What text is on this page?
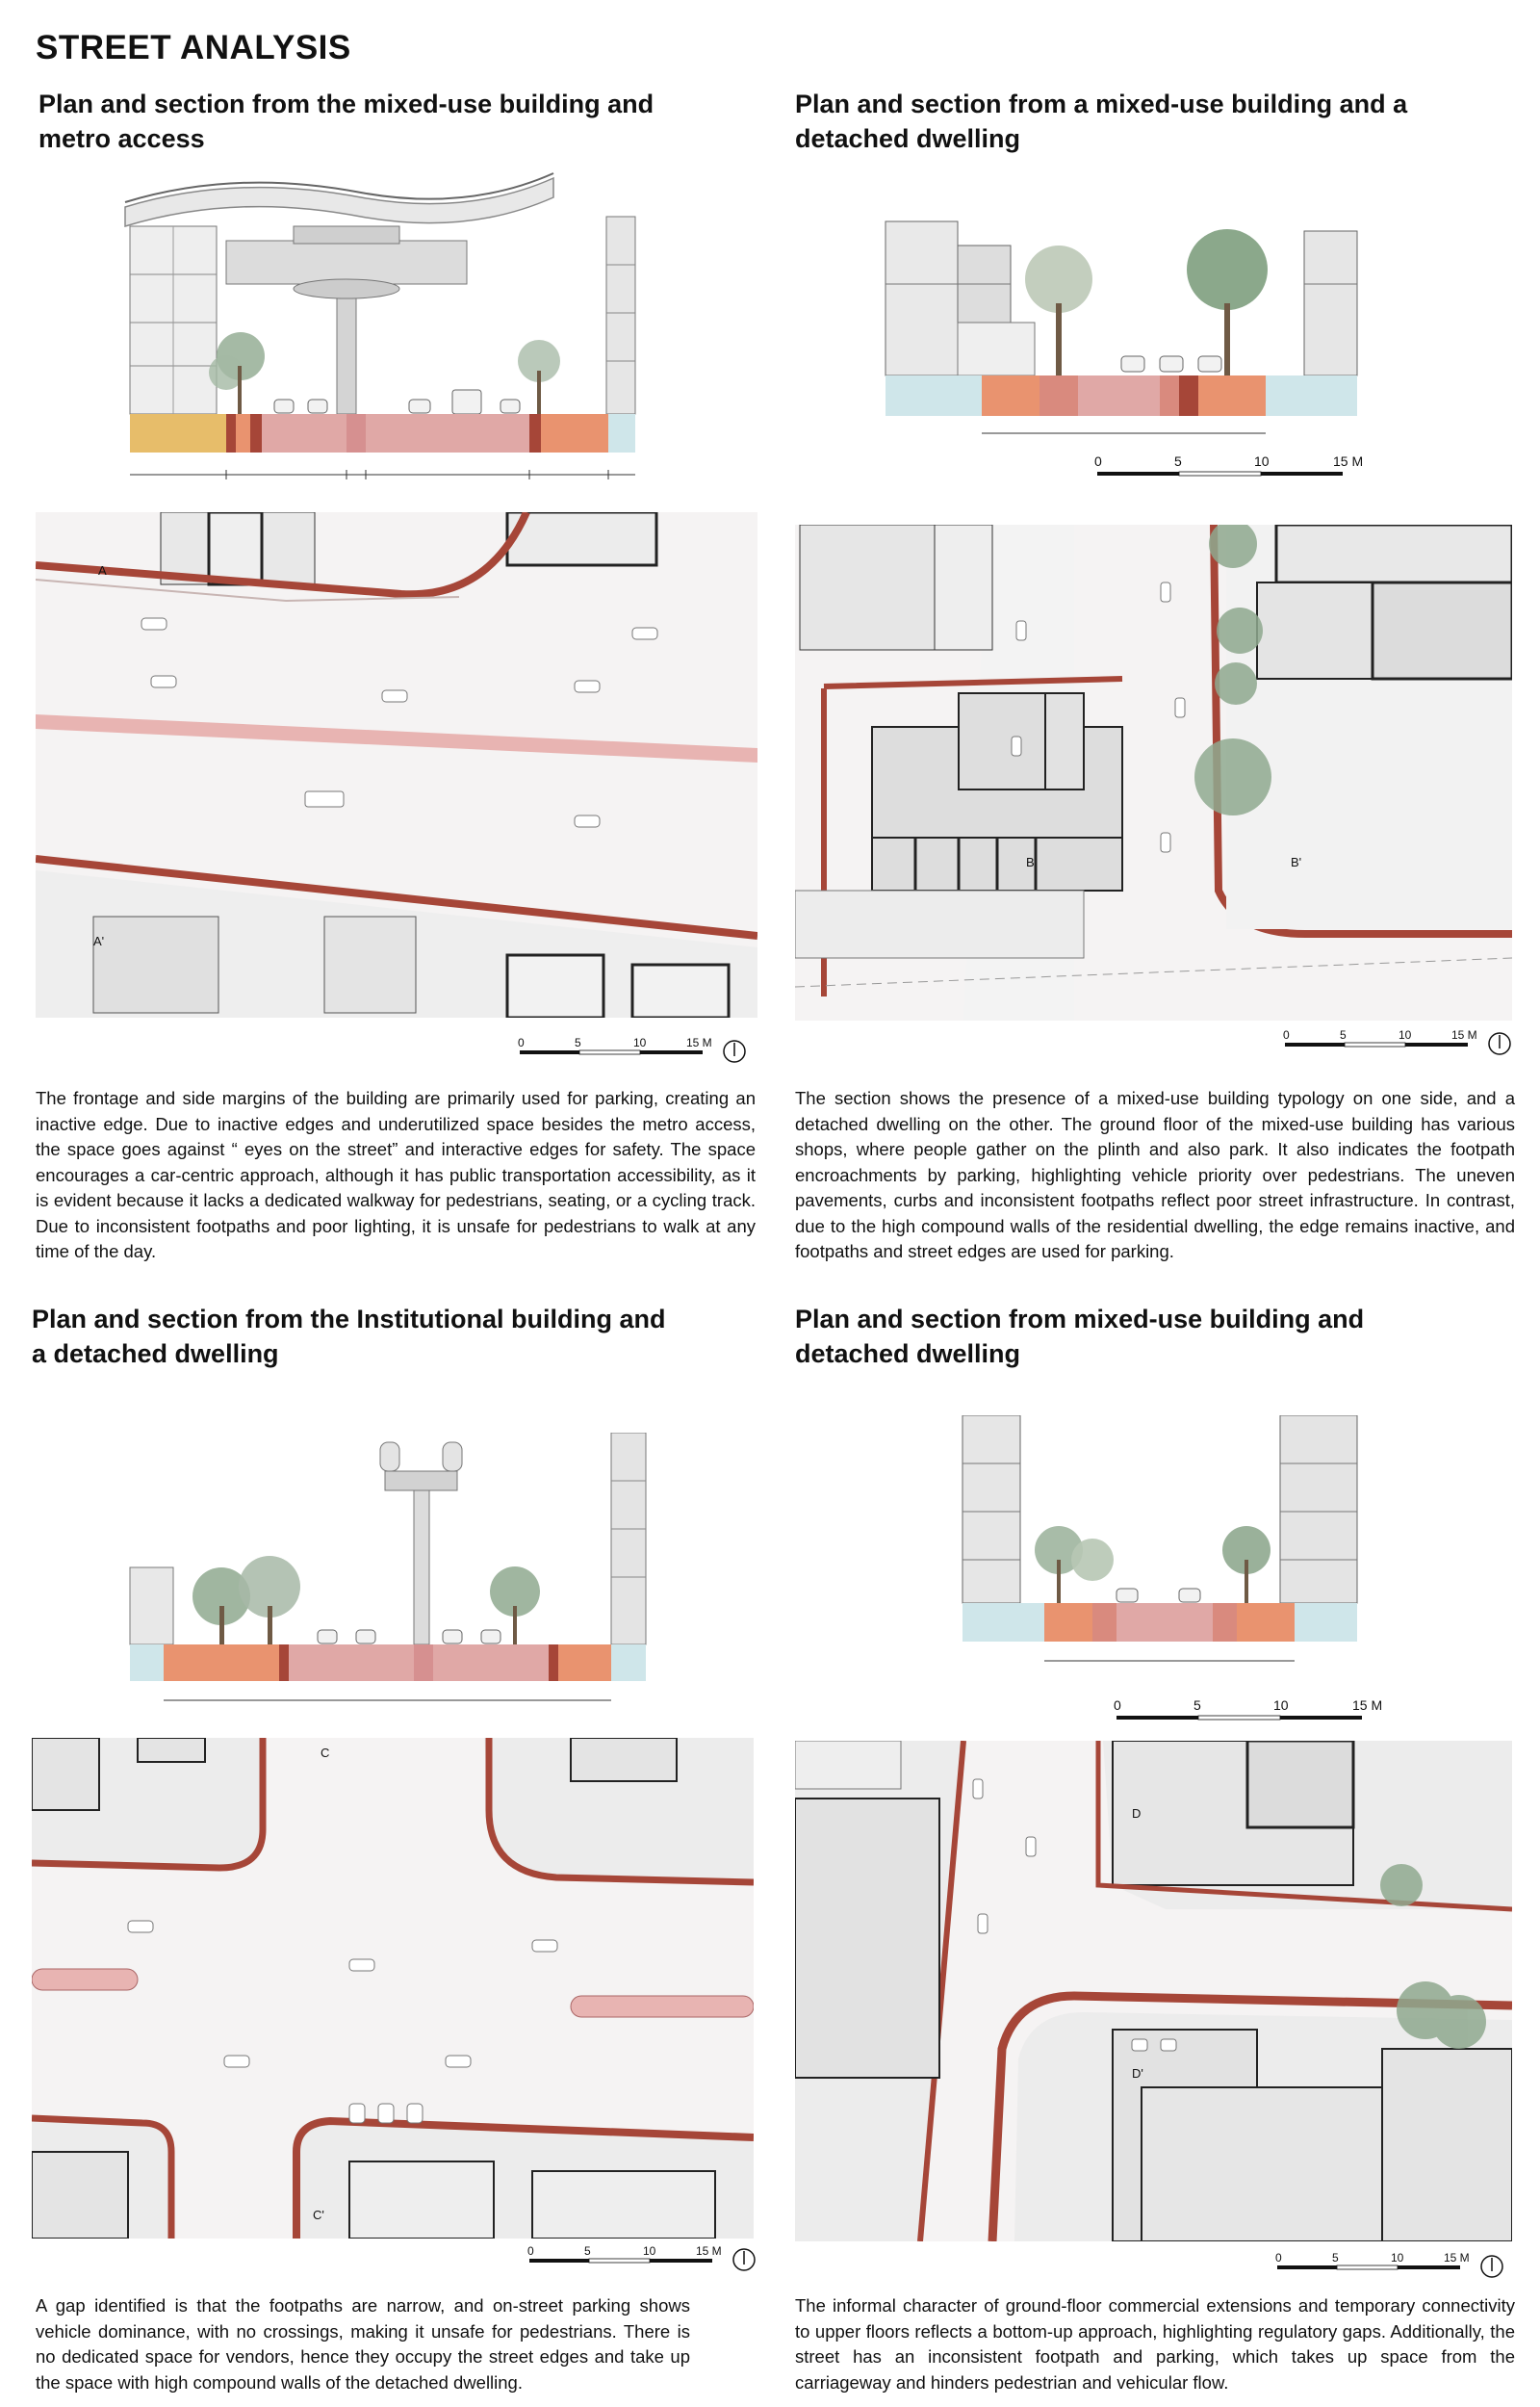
STREET ANALYSIS
Plan and section from the mixed-use building and metro access
Plan and section from a mixed-use building and a detached dwelling
Plan and section from the Institutional building and a detached dwelling
Plan and section from mixed-use building and detached dwelling
A
A'
0	5	10	15 M
The frontage and side margins of the building are primarily used for parking, creating an inactive edge. Due to inactive edges and underutilized space besides the metro access, the space goes against “ eyes on the street” and interactive edges for safety. The space encourages a car-centric approach, although it has public transportation accessibility, as it is evident because it lacks a dedicated walkway for pedestrians, seating, or a cycling track. Due to inconsistent footpaths and poor lighting, it is unsafe for pedestrians to walk at any time of the day.
0	5	10	15 M
B	B'
0	5	10	15 M
The section shows the presence of a mixed-use building typology on one side, and a detached dwelling on the other. The ground floor of the mixed-use building has various shops, where people gather on the plinth and also park. It also indicates the footpath encroachments by parking, highlighting vehicle priority over pedestrians. The uneven pavements, curbs and inconsistent footpaths reflect poor street infrastructure. In contrast, due to the high compound walls of the residential dwelling, the edge remains inactive, and footpaths and street edges are used for parking.
C
C'
0	5	10	15 M
A gap identified is that the footpaths are narrow, and on-street parking shows vehicle dominance, with no crossings, making it unsafe for pedestrians. There is no dedicated space for vendors, hence they occupy the street edges and take up the space with high compound walls of the detached dwelling.
0	5	10	15 M
D
D'
0	5	10	15 M
The informal character of ground-floor commercial extensions and temporary connectivity to upper floors reflects a bottom-up approach, highlighting regulatory gaps. Additionally, the street has an inconsistent footpath and parking, which takes up space from the carriageway and hinders pedestrian and vehicular flow.
